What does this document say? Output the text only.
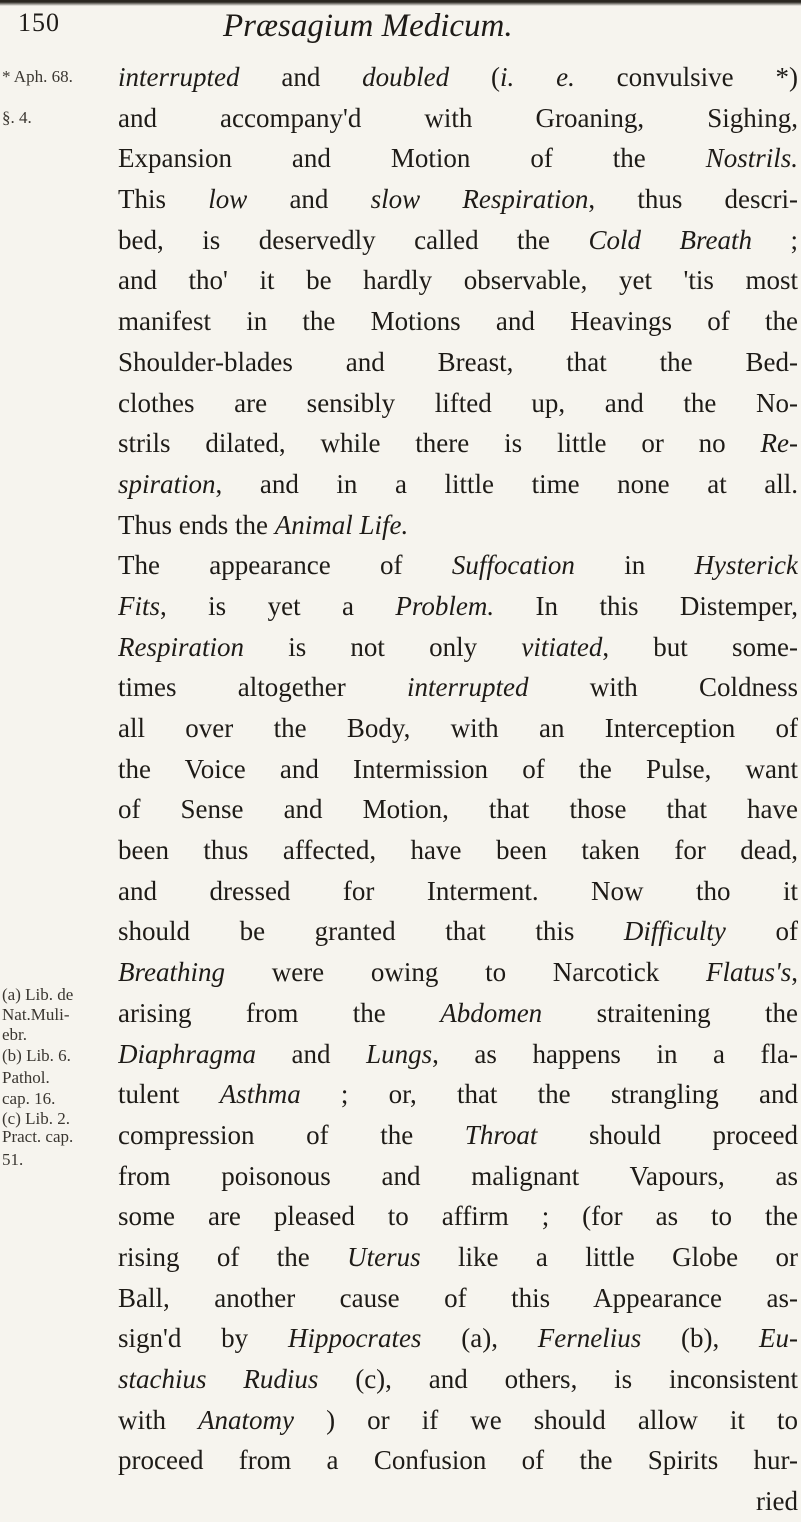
150	Præsagium Medicum.
* Aph. 68.
§. 4.
(a) Lib. de
Nat.Muli-
ebr.
(b) Lib. 6.
Pathol.
cap. 16.
(c) Lib. 2.
Pract. cap.
51.
interrupted and doubled (i. e. convulsive *)
and accompany'd with Groaning, Sighing,
Expansion and Motion of the Nostrils.
This low and slow Respiration, thus descri-
bed, is deservedly called the Cold Breath ;
and tho' it be hardly observable, yet 'tis most
manifest in the Motions and Heavings of the
Shoulder-blades and Breast, that the Bed-
clothes are sensibly lifted up, and the No-
strils dilated, while there is little or no Re-
spiration, and in a little time none at all.
Thus ends the Animal Life.
The appearance of Suffocation in Hysterick
Fits, is yet a Problem. In this Distemper,
Respiration is not only vitiated, but some-
times altogether interrupted with Coldness
all over the Body, with an Interception of
the Voice and Intermission of the Pulse, want
of Sense and Motion, that those that have
been thus affected, have been taken for dead,
and dressed for Interment. Now tho it
should be granted that this Difficulty of
Breathing were owing to Narcotick Flatus's,
arising from the Abdomen straitening the
Diaphragma and Lungs, as happens in a fla-
tulent Asthma ; or, that the strangling and
compression of the Throat should proceed
from poisonous and malignant Vapours, as
some are pleased to affirm ; (for as to the
rising of the Uterus like a little Globe or
Ball, another cause of this Appearance as-
sign'd by Hippocrates (a), Fernelius (b), Eu-
stachius Rudius (c), and others, is inconsistent
with Anatomy ) or if we should allow it to
proceed from a Confusion of the Spirits hur-
ried
